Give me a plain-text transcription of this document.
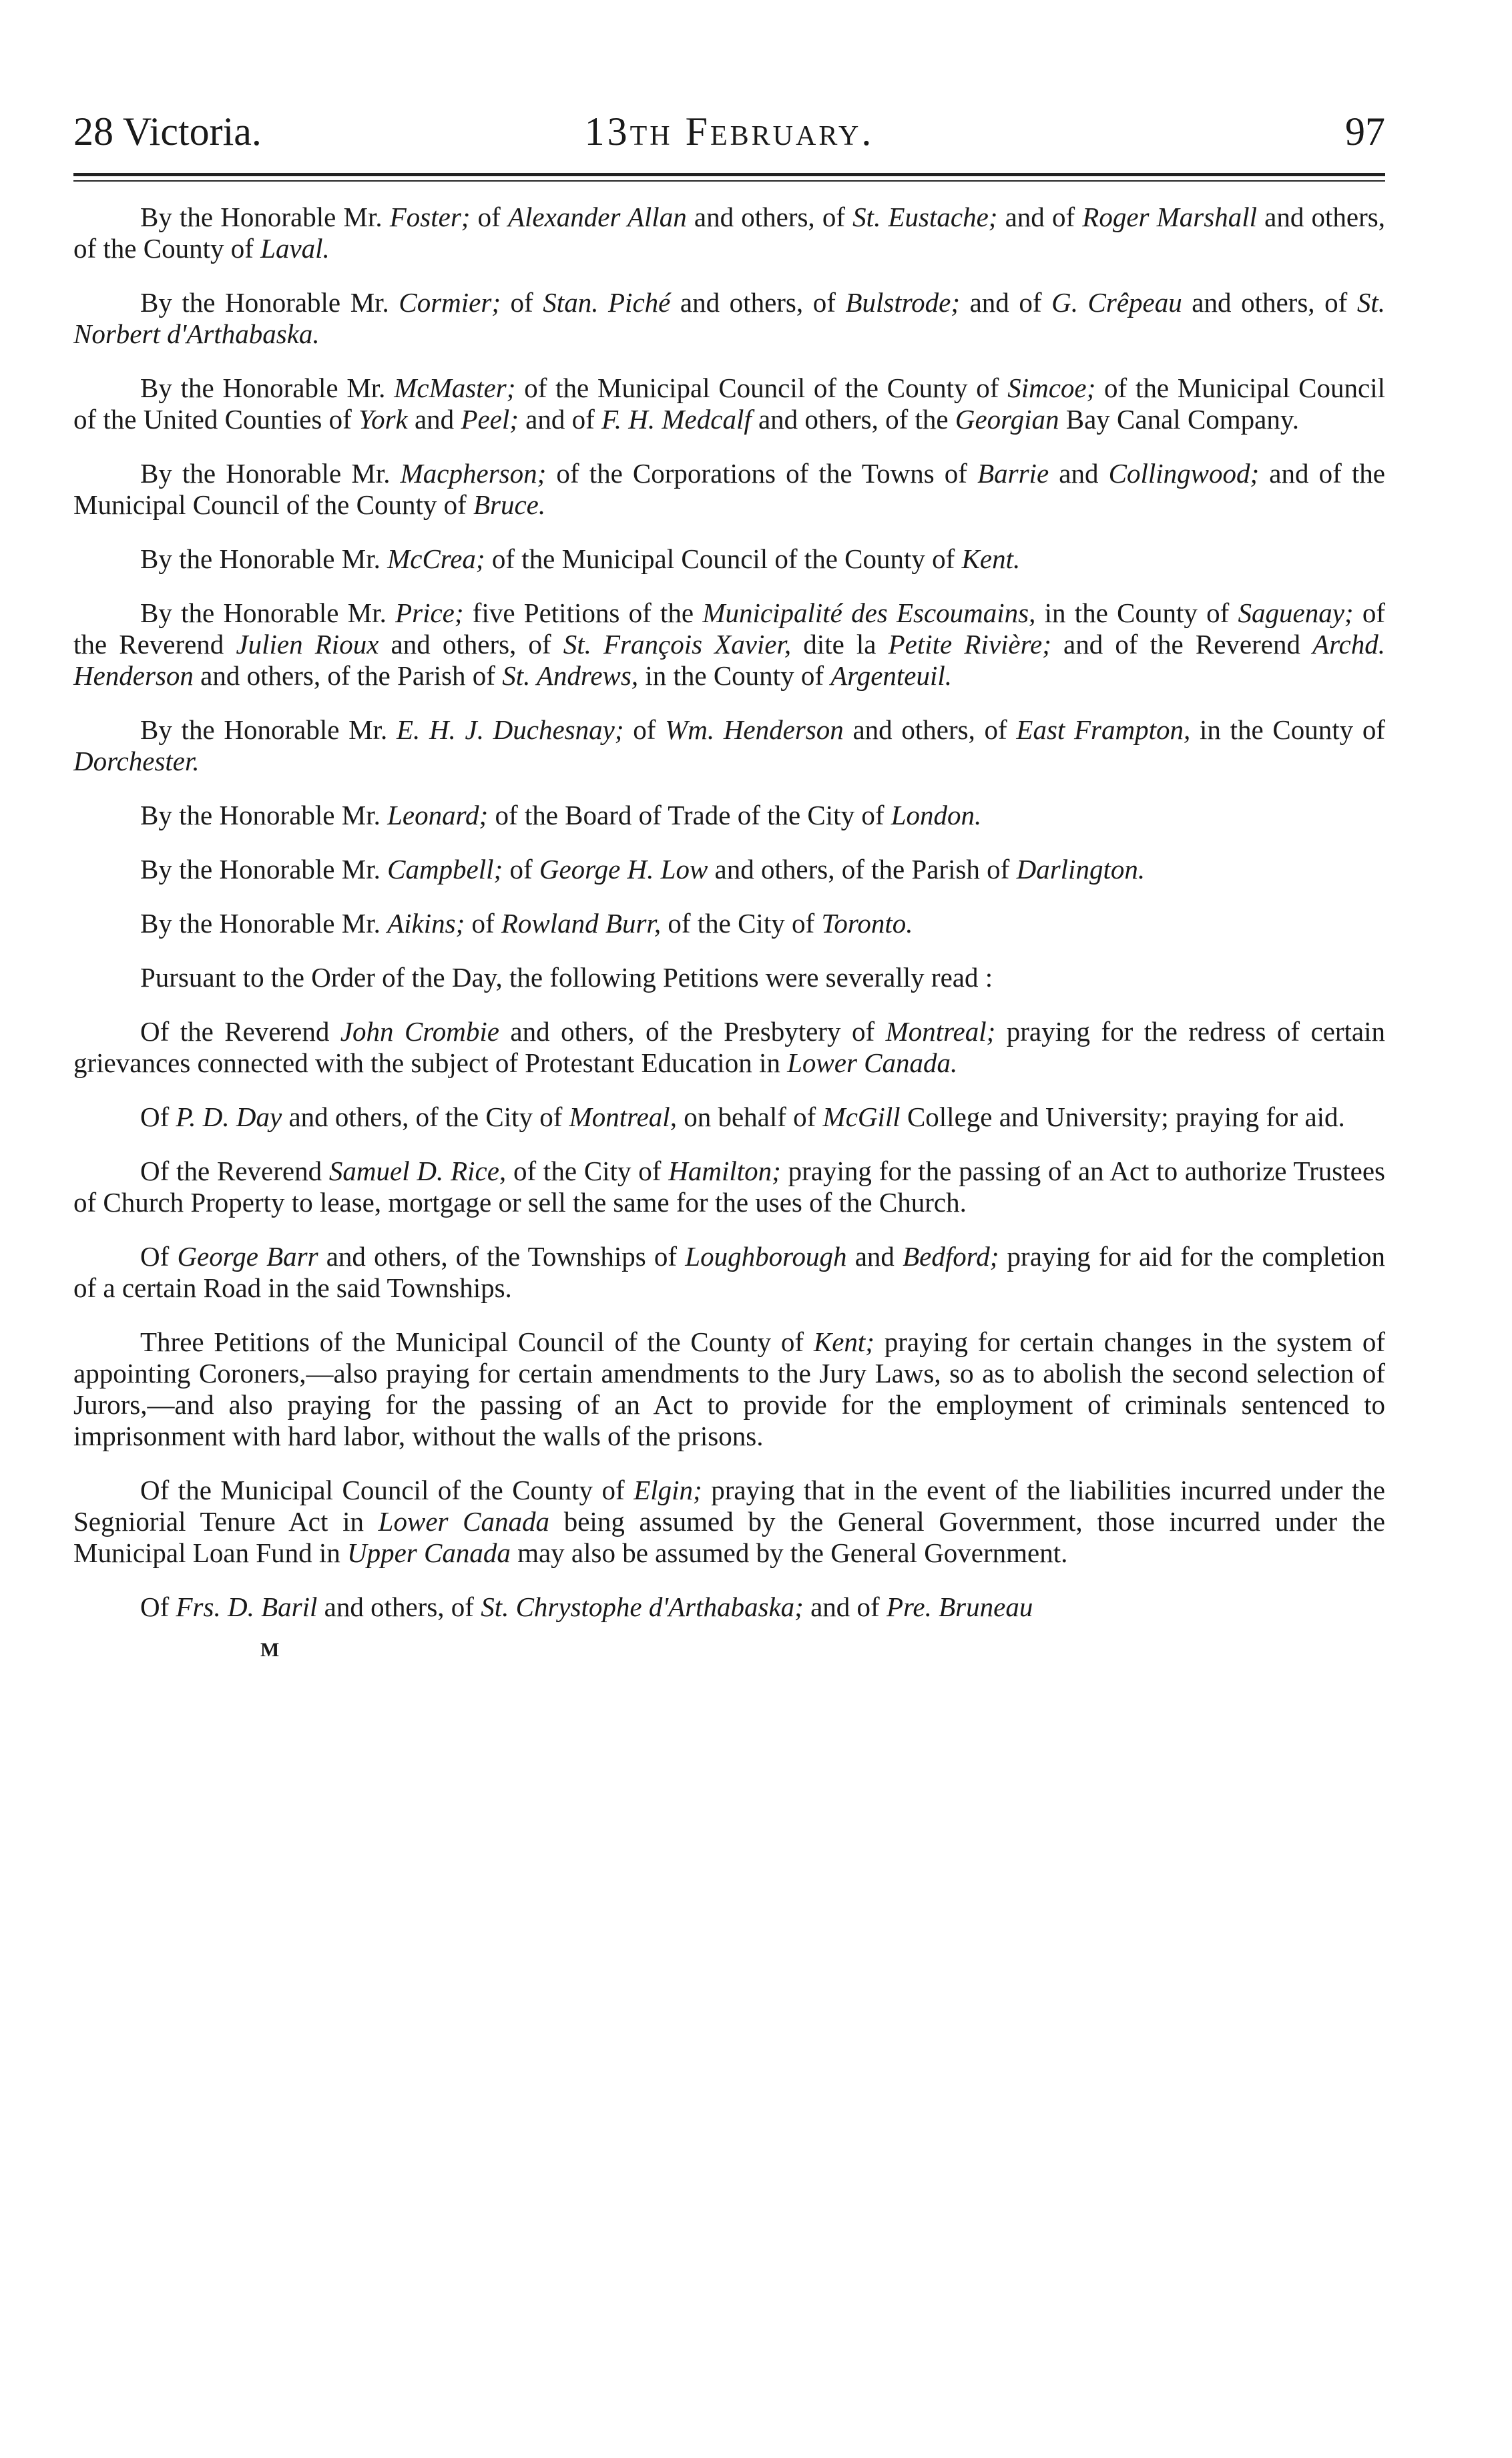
28 Victoria.	13th February.	97

By the Honorable Mr. Foster; of Alexander Allan and others, of St. Eustache; and of Roger Marshall and others, of the County of Laval.

By the Honorable Mr. Cormier; of Stan. Piché and others, of Bulstrode; and of G. Crêpeau and others, of St. Norbert d'Arthabaska.

By the Honorable Mr. McMaster; of the Municipal Council of the County of Simcoe; of the Municipal Council of the United Counties of York and Peel; and of F. H. Medcalf and others, of the Georgian Bay Canal Company.

By the Honorable Mr. Macpherson; of the Corporations of the Towns of Barrie and Collingwood; and of the Municipal Council of the County of Bruce.

By the Honorable Mr. McCrea; of the Municipal Council of the County of Kent.

By the Honorable Mr. Price; five Petitions of the Municipalité des Escoumains, in the County of Saguenay; of the Reverend Julien Rioux and others, of St. François Xavier, dite la Petite Rivière; and of the Reverend Archd. Henderson and others, of the Parish of St. Andrews, in the County of Argenteuil.

By the Honorable Mr. E. H. J. Duchesnay; of Wm. Henderson and others, of East Frampton, in the County of Dorchester.

By the Honorable Mr. Leonard; of the Board of Trade of the City of London.

By the Honorable Mr. Campbell; of George H. Low and others, of the Parish of Darlington.

By the Honorable Mr. Aikins; of Rowland Burr, of the City of Toronto.

Pursuant to the Order of the Day, the following Petitions were severally read :

Of the Reverend John Crombie and others, of the Presbytery of Montreal; praying for the redress of certain grievances connected with the subject of Protestant Education in Lower Canada.

Of P. D. Day and others, of the City of Montreal, on behalf of McGill College and University; praying for aid.

Of the Reverend Samuel D. Rice, of the City of Hamilton; praying for the passing of an Act to authorize Trustees of Church Property to lease, mortgage or sell the same for the uses of the Church.

Of George Barr and others, of the Townships of Loughborough and Bedford; praying for aid for the completion of a certain Road in the said Townships.

Three Petitions of the Municipal Council of the County of Kent; praying for certain changes in the system of appointing Coroners,—also praying for certain amendments to the Jury Laws, so as to abolish the second selection of Jurors,—and also praying for the passing of an Act to provide for the employment of criminals sentenced to imprisonment with hard labor, without the walls of the prisons.

Of the Municipal Council of the County of Elgin; praying that in the event of the liabilities incurred under the Segniorial Tenure Act in Lower Canada being assumed by the General Government, those incurred under the Municipal Loan Fund in Upper Canada may also be assumed by the General Government.

Of Frs. D. Baril and others, of St. Chrystophe d'Arthabaska; and of Pre. Bruneau

M
